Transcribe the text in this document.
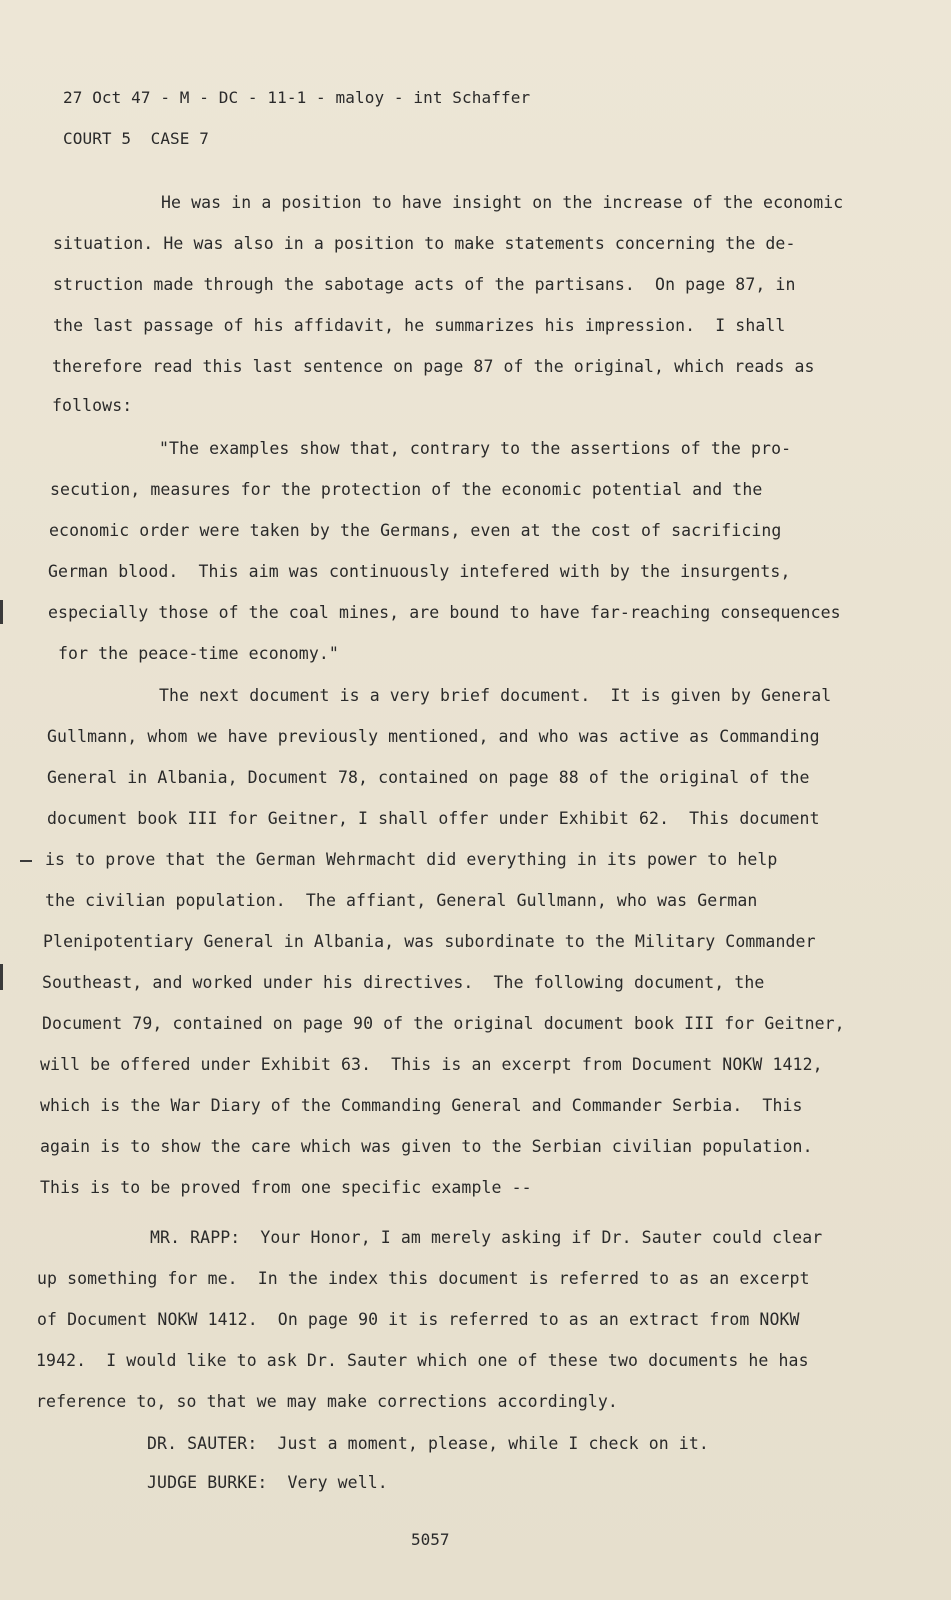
27 Oct 47 - M - DC - 11-1 - maloy - int Schaffer
COURT 5  CASE 7
He was in a position to have insight on the increase of the economic
situation. He was also in a position to make statements concerning the de-
struction made through the sabotage acts of the partisans.  On page 87, in
the last passage of his affidavit, he summarizes his impression.  I shall
therefore read this last sentence on page 87 of the original, which reads as
follows:
"The examples show that, contrary to the assertions of the pro-
secution, measures for the protection of the economic potential and the
economic order were taken by the Germans, even at the cost of sacrificing
German blood.  This aim was continuously intefered with by the insurgents,
especially those of the coal mines, are bound to have far-reaching consequences
for the peace-time economy."
The next document is a very brief document.  It is given by General
Gullmann, whom we have previously mentioned, and who was active as Commanding
General in Albania, Document 78, contained on page 88 of the original of the
document book III for Geitner, I shall offer under Exhibit 62.  This document
is to prove that the German Wehrmacht did everything in its power to help
the civilian population.  The affiant, General Gullmann, who was German
Plenipotentiary General in Albania, was subordinate to the Military Commander
Southeast, and worked under his directives.  The following document, the
Document 79, contained on page 90 of the original document book III for Geitner,
will be offered under Exhibit 63.  This is an excerpt from Document NOKW 1412,
which is the War Diary of the Commanding General and Commander Serbia.  This
again is to show the care which was given to the Serbian civilian population.
This is to be proved from one specific example --
MR. RAPP:  Your Honor, I am merely asking if Dr. Sauter could clear
up something for me.  In the index this document is referred to as an excerpt
of Document NOKW 1412.  On page 90 it is referred to as an extract from NOKW
1942.  I would like to ask Dr. Sauter which one of these two documents he has
reference to, so that we may make corrections accordingly.
DR. SAUTER:  Just a moment, please, while I check on it.
JUDGE BURKE:  Very well.
5057
